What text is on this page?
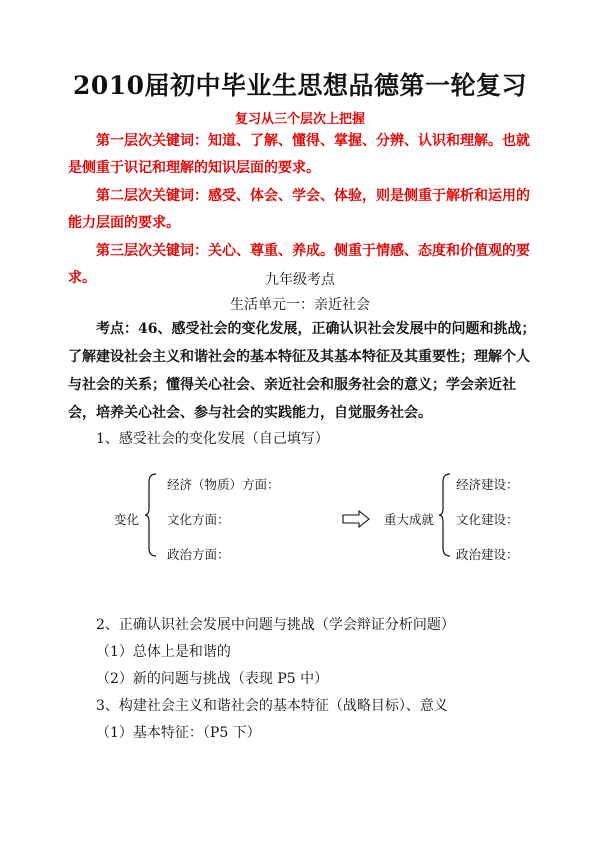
2010届初中毕业生思想品德第一轮复习
复习从三个层次上把握

第一层次关键词：知道、了解、懂得、掌握、分辨、认识和理解。也就是侧重于识记和理解的知识层面的要求。

第二层次关键词：感受、体会、学会、体验，则是侧重于解析和运用的能力层面的要求。

第三层次关键词：关心、尊重、养成。侧重于情感、态度和价值观的要求。	九年级考点
生活单元一：亲近社会
考点：46、感受社会的变化发展，正确认识社会发展中的问题和挑战；了解建设社会主义和谐社会的基本特征及其基本特征及其重要性；理解个人与社会的关系；懂得关心社会、亲近社会和服务社会的意义；学会亲近社会，培养关心社会、参与社会的实践能力，自觉服务社会。
1、感受社会的变化发展（自己填写）
变化
经济（物质）方面：
文化方面：
政治方面：
重大成就
经济建设：
文化建设：
政治建设：
2、正确认识社会发展中问题与挑战（学会辩证分析问题）
（1）总体上是和谐的
（2）新的问题与挑战（表现 P5 中）
3、构建社会主义和谐社会的基本特征（战略目标）、意义
（1）基本特征：（P5 下）
